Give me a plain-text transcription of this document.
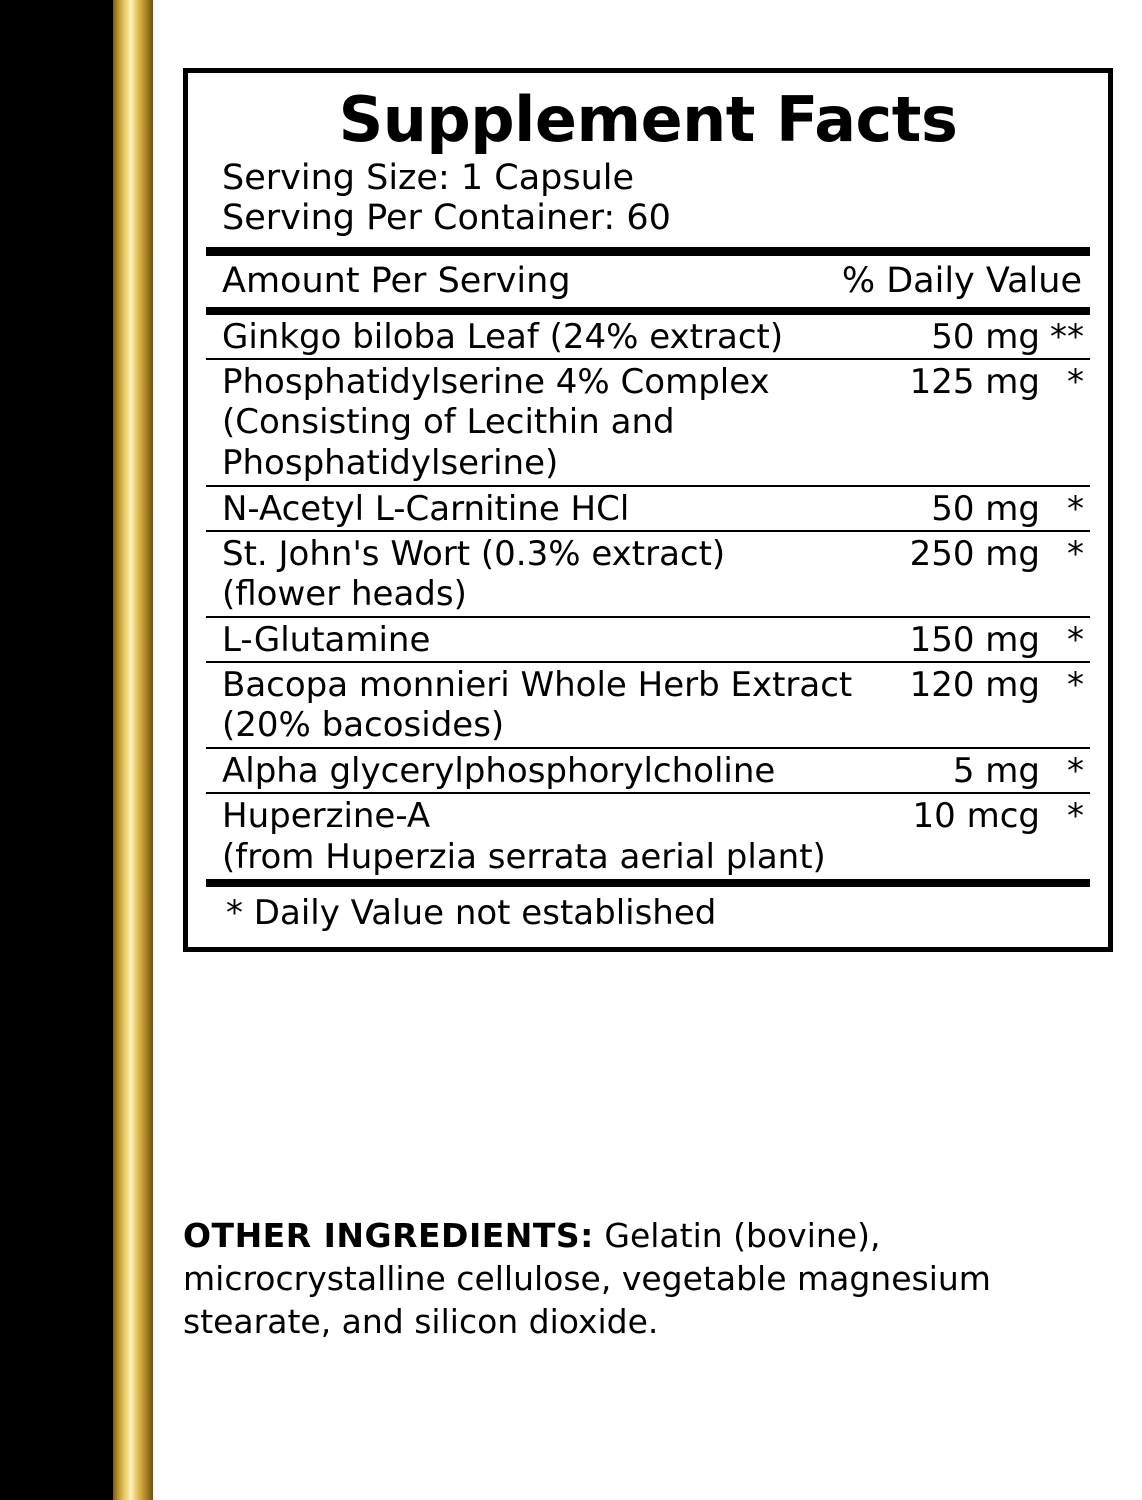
Supplement Facts
Serving Size: 1 Capsule
Serving Per Container: 60
Amount Per Serving	% Daily Value
Ginkgo biloba Leaf (24% extract)	50 mg **
Phosphatidylserine 4% Complex	125 mg *
(Consisting of Lecithin and
Phosphatidylserine)
N-Acetyl L-Carnitine HCl	50 mg *
St. John's Wort (0.3% extract)	250 mg *
(flower heads)
L-Glutamine	150 mg *
Bacopa monnieri Whole Herb Extract	120 mg *
(20% bacosides)
Alpha glycerylphosphorylcholine	5 mg *
Huperzine-A	10 mcg *
(from Huperzia serrata aerial plant)
* Daily Value not established
OTHER INGREDIENTS: Gelatin (bovine), microcrystalline cellulose, vegetable magnesium stearate, and silicon dioxide.
